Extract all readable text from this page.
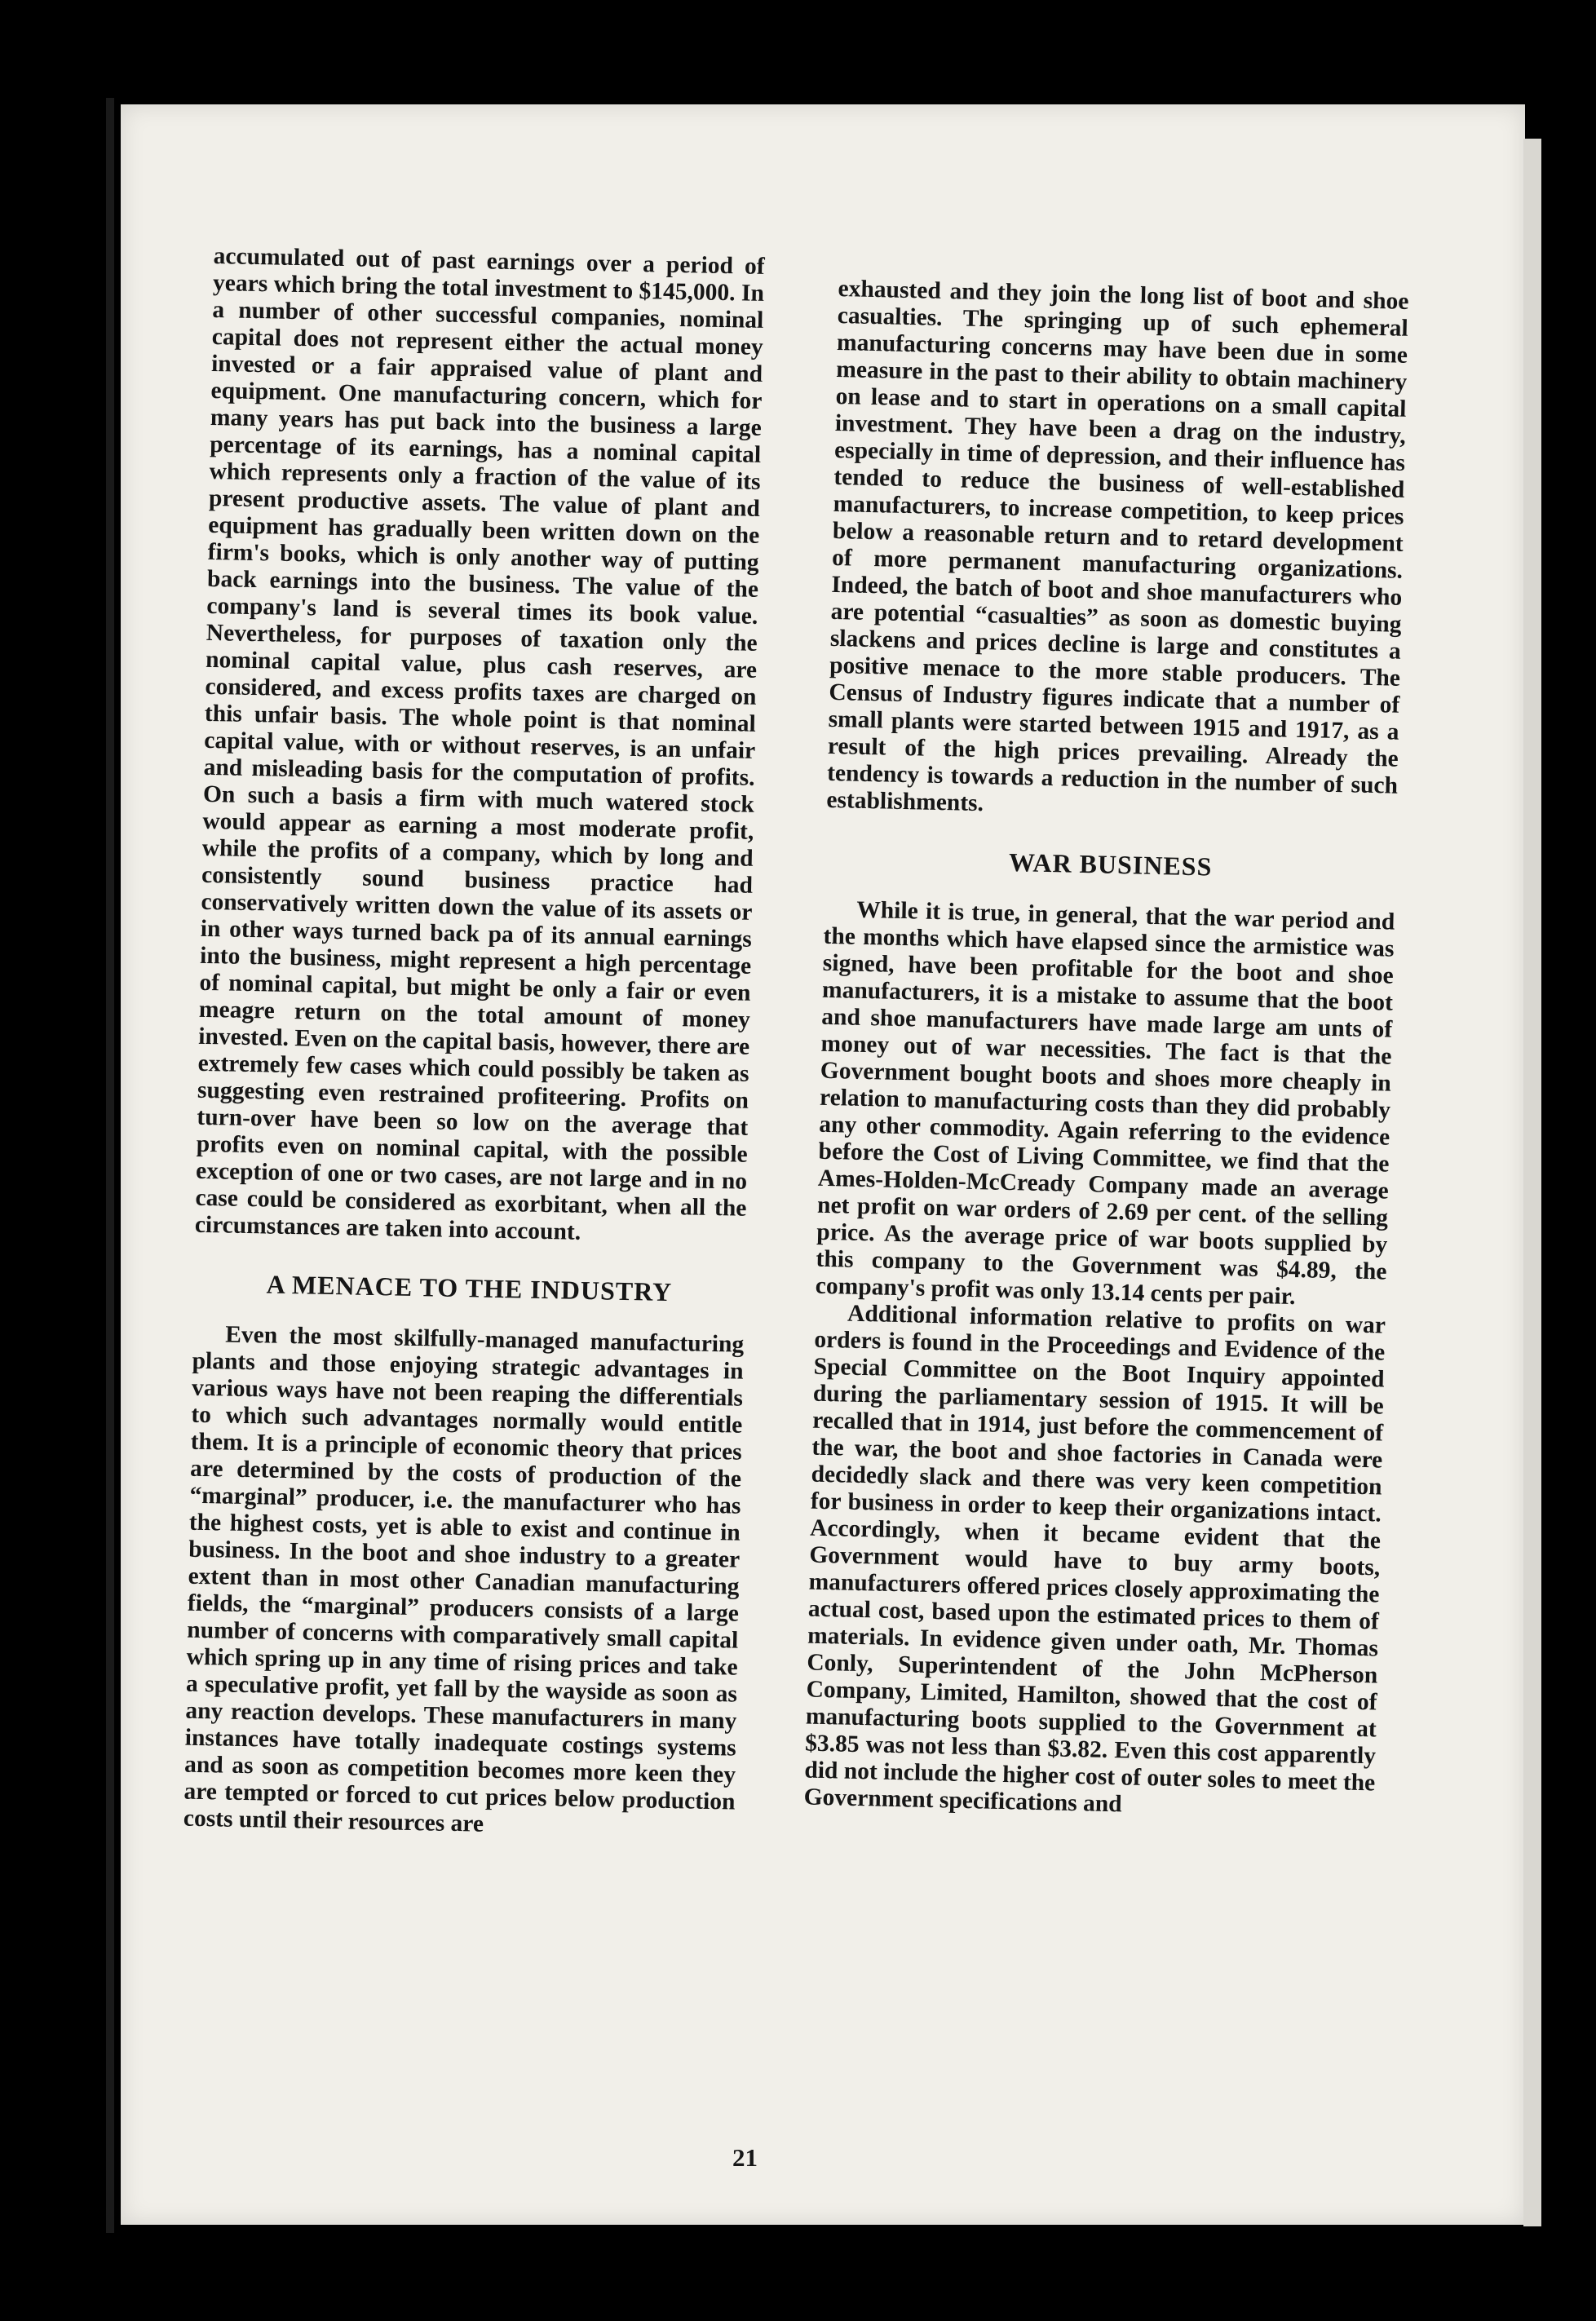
accumulated out of past earnings over a period of years which bring the total investment to $145,000. In a number of other successful companies, nominal capital does not represent either the actual money invested or a fair appraised value of plant and equipment. One manufacturing concern, which for many years has put back into the business a large percentage of its earnings, has a nominal capital which represents only a fraction of the value of its present productive assets. The value of plant and equipment has gradually been written down on the firm's books, which is only another way of putting back earnings into the business. The value of the company's land is several times its book value. Nevertheless, for purposes of taxation only the nominal capital value, plus cash reserves, are considered, and excess profits taxes are charged on this unfair basis. The whole point is that nominal capital value, with or without reserves, is an unfair and misleading basis for the computation of profits. On such a basis a firm with much watered stock would appear as earning a most moderate profit, while the profits of a company, which by long and consistently sound business practice had conservatively written down the value of its assets or in other ways turned back pa of its annual earnings into the business, might represent a high percentage of nominal capital, but might be only a fair or even meagre return on the total amount of money invested. Even on the capital basis, however, there are extremely few cases which could possibly be taken as suggesting even restrained profiteering. Profits on turn-over have been so low on the average that profits even on nominal capital, with the possible exception of one or two cases, are not large and in no case could be considered as exorbitant, when all the circumstances are taken into account.

A MENACE TO THE INDUSTRY

Even the most skilfully-managed manufacturing plants and those enjoying strategic advantages in various ways have not been reaping the differentials to which such advantages normally would entitle them. It is a principle of economic theory that prices are determined by the costs of production of the “marginal” producer, i.e. the manufacturer who has the highest costs, yet is able to exist and continue in business. In the boot and shoe industry to a greater extent than in most other Canadian manufacturing fields, the “marginal” producers consists of a large number of concerns with comparatively small capital which spring up in any time of rising prices and take a speculative profit, yet fall by the wayside as soon as any reaction develops. These manufacturers in many instances have totally inadequate costings systems and as soon as competition becomes more keen they are tempted or forced to cut prices below production costs until their resources are

exhausted and they join the long list of boot and shoe casualties. The springing up of such ephemeral manufacturing concerns may have been due in some measure in the past to their ability to obtain machinery on lease and to start in operations on a small capital investment. They have been a drag on the industry, especially in time of depression, and their influence has tended to reduce the business of well-established manufacturers, to increase competition, to keep prices below a reasonable return and to retard development of more permanent manufacturing organizations. Indeed, the batch of boot and shoe manufacturers who are potential “casualties” as soon as domestic buying slackens and prices decline is large and constitutes a positive menace to the more stable producers. The Census of Industry figures indicate that a number of small plants were started between 1915 and 1917, as a result of the high prices prevailing. Already the tendency is towards a reduction in the number of such establishments.

WAR BUSINESS

While it is true, in general, that the war period and the months which have elapsed since the armistice was signed, have been profitable for the boot and shoe manufacturers, it is a mistake to assume that the boot and shoe manufacturers have made large am unts of money out of war necessities. The fact is that the Government bought boots and shoes more cheaply in relation to manufacturing costs than they did probably any other commodity. Again referring to the evidence before the Cost of Living Committee, we find that the Ames-Holden-McCready Company made an average net profit on war orders of 2.69 per cent. of the selling price. As the average price of war boots supplied by this company to the Government was $4.89, the company's profit was only 13.14 cents per pair.

Additional information relative to profits on war orders is found in the Proceedings and Evidence of the Special Committee on the Boot Inquiry appointed during the parliamentary session of 1915. It will be recalled that in 1914, just before the commencement of the war, the boot and shoe factories in Canada were decidedly slack and there was very keen competition for business in order to keep their organizations intact. Accordingly, when it became evident that the Government would have to buy army boots, manufacturers offered prices closely approximating the actual cost, based upon the estimated prices to them of materials. In evidence given under oath, Mr. Thomas Conly, Superintendent of the John McPherson Company, Limited, Hamilton, showed that the cost of manufacturing boots supplied to the Government at $3.85 was not less than $3.82. Even this cost apparently did not include the higher cost of outer soles to meet the Government specifications and

21
